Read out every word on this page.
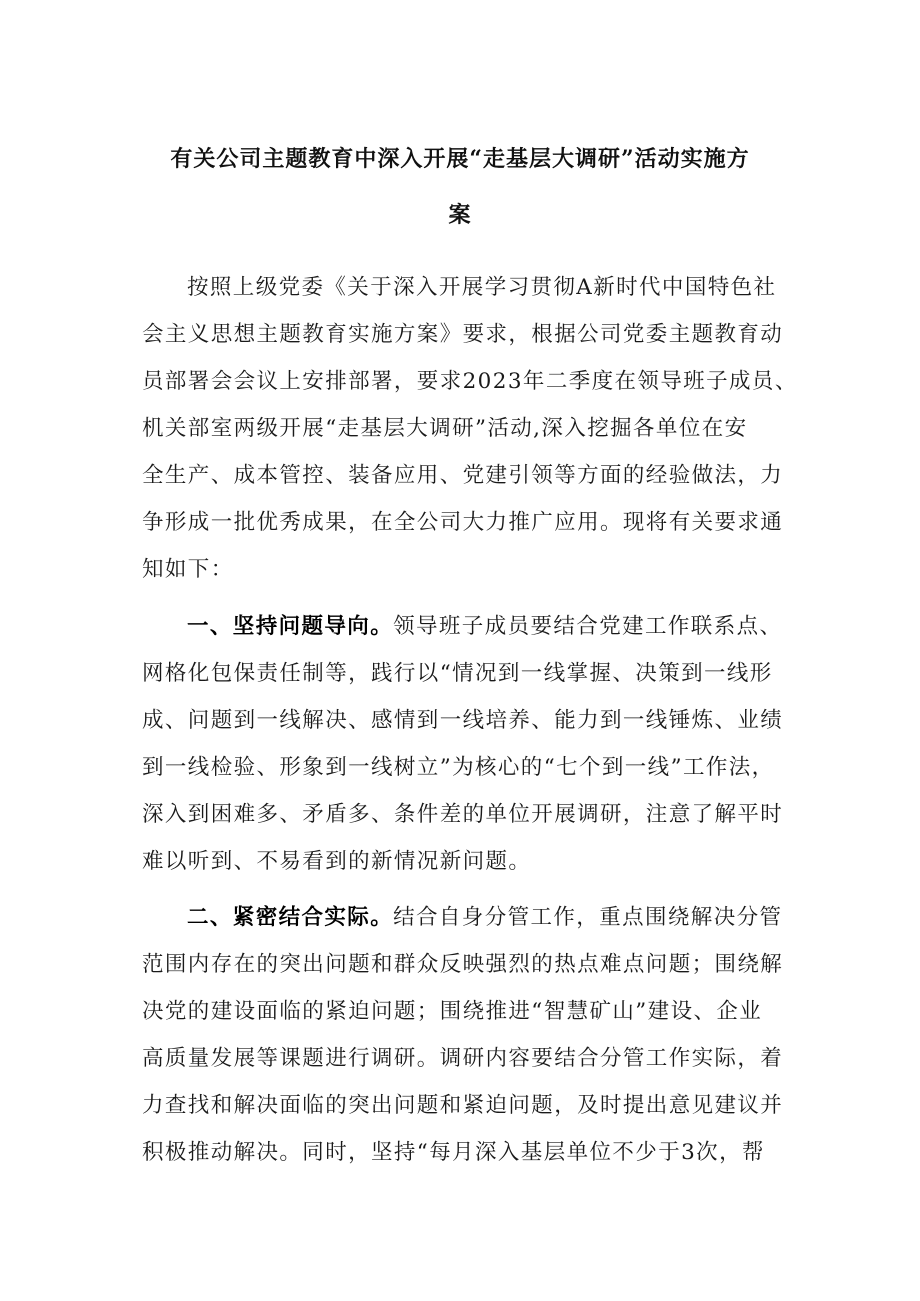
有关公司主题教育中深入开展“走基层大调研”活动实施方
案
按照上级党委《关于深入开展学习贯彻A新时代中国特色社
会主义思想主题教育实施方案》要求，根据公司党委主题教育动
员部署会会议上安排部署，要求2023年二季度在领导班子成员、
机关部室两级开展“走基层大调研”活动,深入挖掘各单位在安
全生产、成本管控、装备应用、党建引领等方面的经验做法，力
争形成一批优秀成果，在全公司大力推广应用。现将有关要求通
知如下：
一、坚持问题导向。领导班子成员要结合党建工作联系点、
网格化包保责任制等，践行以“情况到一线掌握、决策到一线形
成、问题到一线解决、感情到一线培养、能力到一线锤炼、业绩
到一线检验、形象到一线树立”为核心的“七个到一线”工作法，
深入到困难多、矛盾多、条件差的单位开展调研，注意了解平时
难以听到、不易看到的新情况新问题。
二、紧密结合实际。结合自身分管工作，重点围绕解决分管
范围内存在的突出问题和群众反映强烈的热点难点问题；围绕解
决党的建设面临的紧迫问题；围绕推进“智慧矿山”建设、企业
高质量发展等课题进行调研。调研内容要结合分管工作实际，着
力查找和解决面临的突出问题和紧迫问题，及时提出意见建议并
积极推动解决。同时，坚持“每月深入基层单位不少于3次，帮
